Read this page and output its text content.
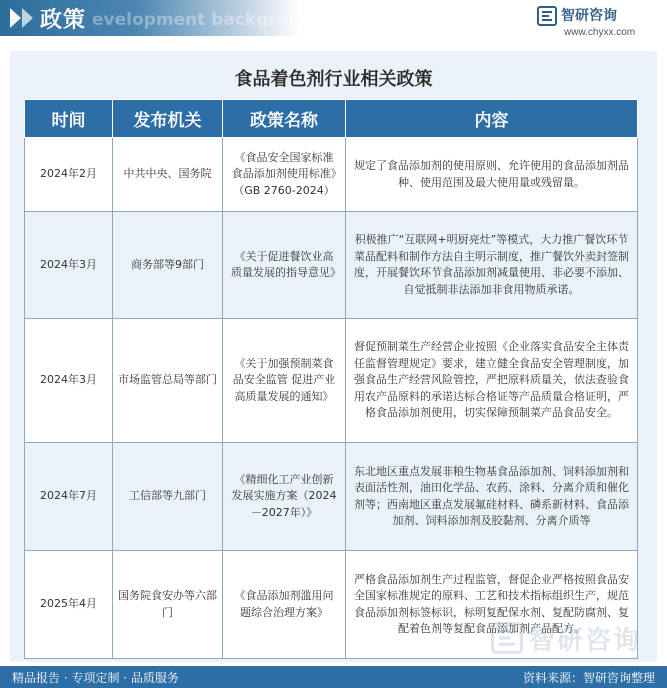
政策 evelopment background	智研咨询
www.chyxx.com
食品着色剂行业相关政策
时间	发布机关	政策名称	内容
2024年2月	中共中央、国务院	《食品安全国家标准 食品添加剂使用标准》（GB 2760-2024）	规定了食品添加剂的使用原则、允许使用的食品添加剂品种、使用范围及最大使用量或残留量。
2024年3月	商务部等9部门	《关于促进餐饮业高质量发展的指导意见》	积极推广“互联网+明厨亮灶”等模式，大力推广餐饮环节菜品配料和制作方法自主明示制度，推广餐饮外卖封签制度，开展餐饮环节食品添加剂减量使用、非必要不添加、自觉抵制非法添加非食用物质承诺。
2024年3月	市场监管总局等部门	《关于加强预制菜食品安全监管 促进产业高质量发展的通知》	督促预制菜生产经营企业按照《企业落实食品安全主体责任监督管理规定》要求，建立健全食品安全管理制度，加强食品生产经营风险管控，严把原料质量关，依法查验食用农产品原料的承诺达标合格证等产品质量合格证明，严格食品添加剂使用，切实保障预制菜产品食品安全。
2024年7月	工信部等九部门	《精细化工产业创新发展实施方案（2024－2027年）》	东北地区重点发展非粮生物基食品添加剂、饲料添加剂和表面活性剂，油田化学品、农药、涂料、分离介质和催化剂等；西南地区重点发展氟硅材料、磷系新材料、食品添加剂、饲料添加剂及胶黏剂、分离介质等
2025年4月	国务院食安办等六部门	《食品添加剂滥用问题综合治理方案》	严格食品添加剂生产过程监管，督促企业严格按照食品安全国家标准规定的原料、工艺和技术指标组织生产，规范食品添加剂标签标识，标明复配保水剂、复配防腐剂、复配着色剂等复配食品添加剂产品配方。
智研咨询
精品报告 · 专项定制 · 品质服务	资料来源：智研咨询整理
